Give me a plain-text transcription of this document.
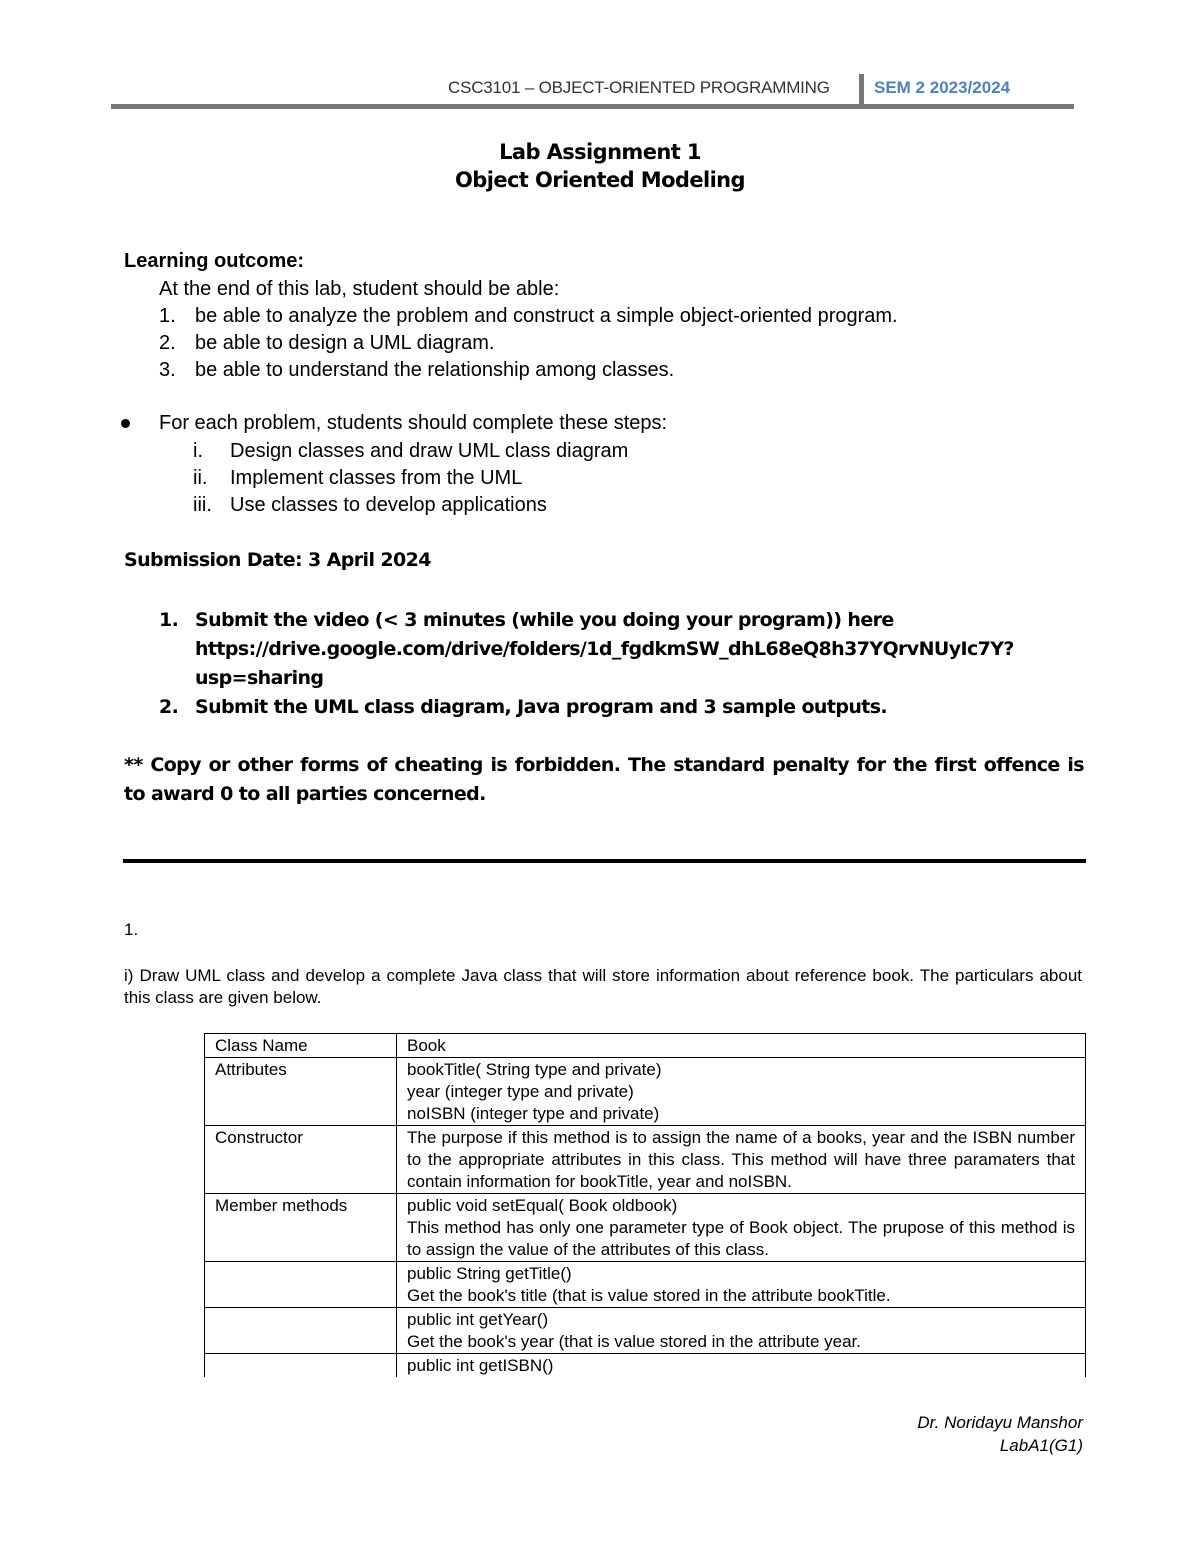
CSC3101 – OBJECT-ORIENTED PROGRAMMING	SEM 2 2023/2024
Lab Assignment 1
Object Oriented Modeling
Learning outcome:
At the end of this lab, student should be able:
1. be able to analyze the problem and construct a simple object-oriented program.
2. be able to design a UML diagram.
3. be able to understand the relationship among classes.
For each problem, students should complete these steps:
i. Design classes and draw UML class diagram
ii. Implement classes from the UML
iii. Use classes to develop applications
Submission Date: 3 April 2024
1. Submit the video (< 3 minutes (while you doing your program)) here
https://drive.google.com/drive/folders/1d_fgdkmSW_dhL68eQ8h37YQrvNUyIc7Y?
usp=sharing
2. Submit the UML class diagram, Java program and 3 sample outputs.
** Copy or other forms of cheating is forbidden. The standard penalty for the first offence is to award 0 to all parties concerned.
1.
i) Draw UML class and develop a complete Java class that will store information about reference book. The particulars about this class are given below.
Class Name	Book

Attributes	bookTitle( String type and private)
year (integer type and private)
noISBN (integer type and private)

Constructor	The purpose if this method is to assign the name of a books, year and the ISBN number to the appropriate attributes in this class. This method will have three paramaters that contain information for bookTitle, year and noISBN.

Member methods	public void setEqual( Book oldbook)
This method has only one parameter type of Book object. The prupose of this method is to assign the value of the attributes of this class.

	public String getTitle()
Get the book's title (that is value stored in the attribute bookTitle.

	public int getYear()
Get the book's year (that is value stored in the attribute year.

	public int getISBN()
Dr. Noridayu Manshor
LabA1(G1)
